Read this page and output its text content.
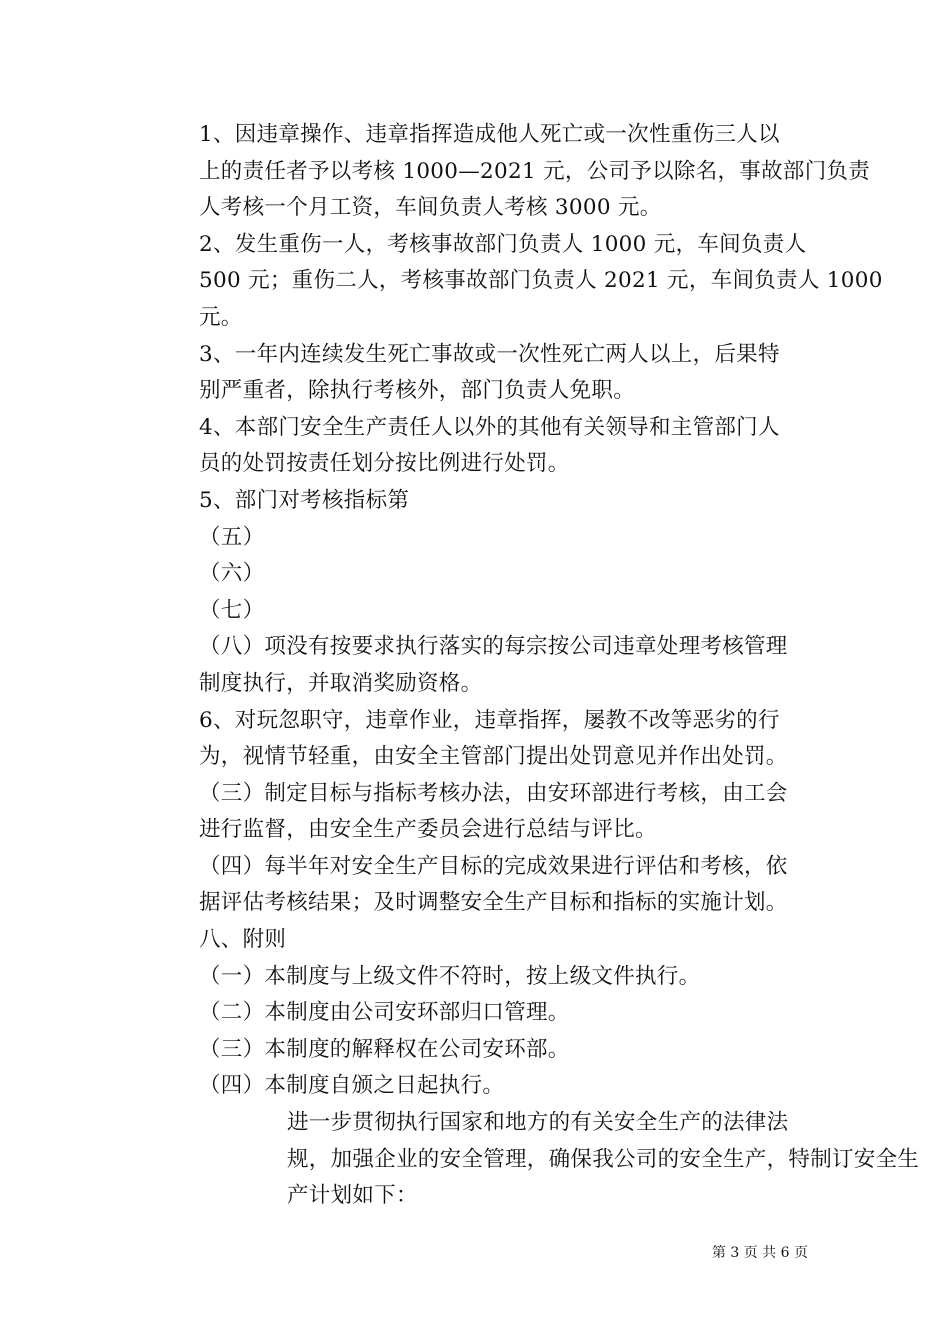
1、因违章操作、违章指挥造成他人死亡或一次性重伤三人以
上的责任者予以考核 1000—2021 元，公司予以除名，事故部门负责
人考核一个月工资，车间负责人考核 3000 元。

2、发生重伤一人，考核事故部门负责人 1000 元，车间负责人
500 元；重伤二人，考核事故部门负责人 2021 元，车间负责人 1000
元。

3、一年内连续发生死亡事故或一次性死亡两人以上，后果特
别严重者，除执行考核外，部门负责人免职。

4、本部门安全生产责任人以外的其他有关领导和主管部门人
员的处罚按责任划分按比例进行处罚。

5、部门对考核指标第

（五）

（六）

（七）

（八）项没有按要求执行落实的每宗按公司违章处理考核管理
制度执行，并取消奖励资格。

6、对玩忽职守，违章作业，违章指挥，屡教不改等恶劣的行
为，视情节轻重，由安全主管部门提出处罚意见并作出处罚。

（三）制定目标与指标考核办法，由安环部进行考核，由工会
进行监督，由安全生产委员会进行总结与评比。

（四）每半年对安全生产目标的完成效果进行评估和考核，依
据评估考核结果；及时调整安全生产目标和指标的实施计划。

八、附则

（一）本制度与上级文件不符时，按上级文件执行。

（二）本制度由公司安环部归口管理。

（三）本制度的解释权在公司安环部。

（四）本制度自颁之日起执行。

进一步贯彻执行国家和地方的有关安全生产的法律法
规，加强企业的安全管理，确保我公司的安全生产，特制订安全生
产计划如下：

第 3 页 共 6 页
